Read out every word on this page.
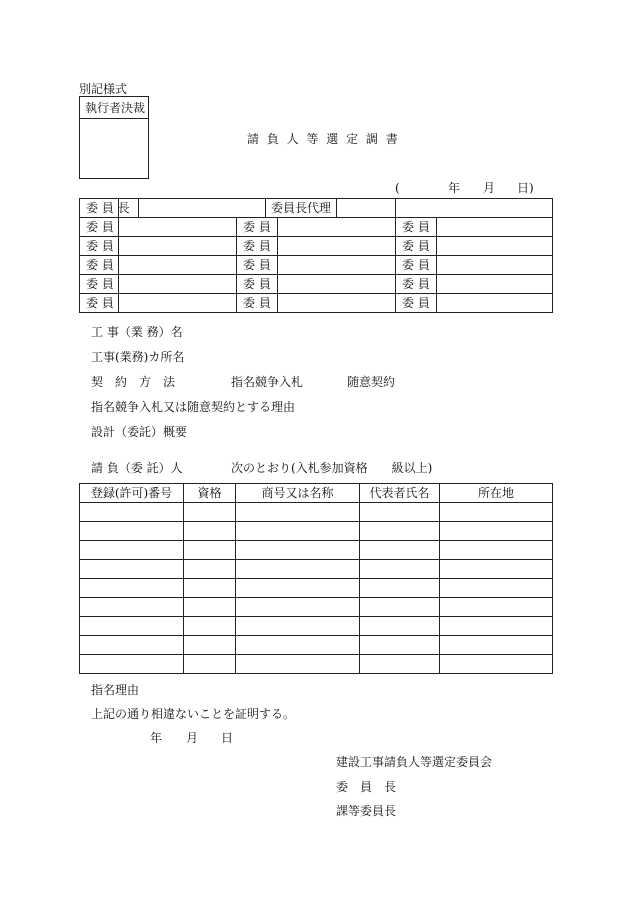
別記様式
執行者決裁
請 負 人 等 選 定 調 書
(	年 月 日)
委 員 長	委員長代理				

委 員		委 員		委 員	
委 員		委 員		委 員	
委 員		委 員		委 員	
委 員		委 員		委 員	
委 員		委 員		委 員	
工 事（業 務）名
工事(業務)カ所名
契　約　方　法	指名競争入札	随意契約
指名競争入札又は随意契約とする理由
設計（委託）概要
請 負（委 託）人	次のとおり(入札参加資格　　級以上)
登録(許可)番号	資格	商号又は名称	代表者氏名	所在地

指名理由
上記の通り相違ないことを証明する。
年 月 日
建設工事請負人等選定委員会
委　員　長
課等委員長
